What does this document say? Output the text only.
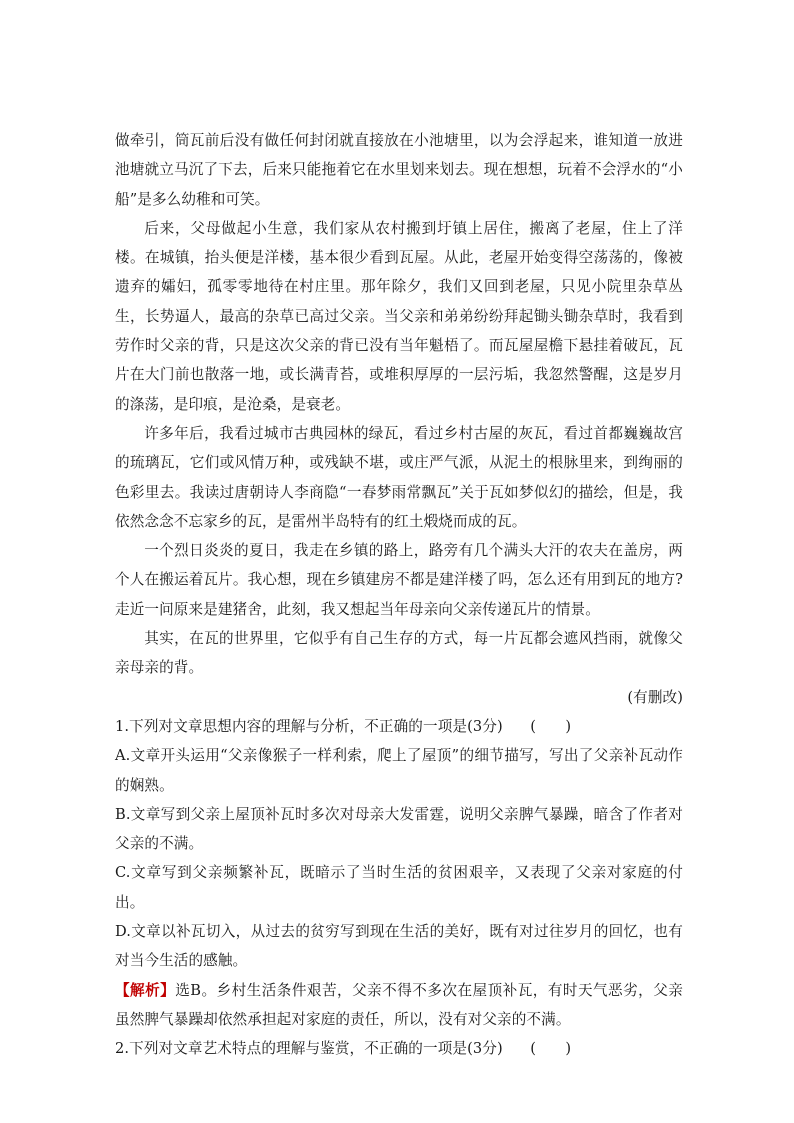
做牵引，筒瓦前后没有做任何封闭就直接放在小池塘里，以为会浮起来，谁知道一放进池塘就立马沉了下去，后来只能拖着它在水里划来划去。现在想想，玩着不会浮水的“小船”是多么幼稚和可笑。

后来，父母做起小生意，我们家从农村搬到圩镇上居住，搬离了老屋，住上了洋楼。在城镇，抬头便是洋楼，基本很少看到瓦屋。从此，老屋开始变得空荡荡的，像被遗弃的孀妇，孤零零地待在村庄里。那年除夕，我们又回到老屋，只见小院里杂草丛生，长势逼人，最高的杂草已高过父亲。当父亲和弟弟纷纷拜起锄头锄杂草时，我看到劳作时父亲的背，只是这次父亲的背已没有当年魁梧了。而瓦屋屋檐下悬挂着破瓦，瓦片在大门前也散落一地，或长满青苔，或堆积厚厚的一层污垢，我忽然警醒，这是岁月的涤荡，是印痕，是沧桑，是衰老。

许多年后，我看过城市古典园林的绿瓦，看过乡村古屋的灰瓦，看过首都巍巍故宫的琉璃瓦，它们或风情万种，或残缺不堪，或庄严气派，从泥土的根脉里来，到绚丽的色彩里去。我读过唐朝诗人李商隐“一春梦雨常飘瓦”关于瓦如梦似幻的描绘，但是，我依然念念不忘家乡的瓦，是雷州半岛特有的红土煅烧而成的瓦。

一个烈日炎炎的夏日，我走在乡镇的路上，路旁有几个满头大汗的农夫在盖房，两个人在搬运着瓦片。我心想，现在乡镇建房不都是建洋楼了吗，怎么还有用到瓦的地方?走近一问原来是建猪舍，此刻，我又想起当年母亲向父亲传递瓦片的情景。

其实，在瓦的世界里，它似乎有自己生存的方式，每一片瓦都会遮风挡雨，就像父亲母亲的背。

(有删改)

1.下列对文章思想内容的理解与分析，不正确的一项是(3分) (　　)

A.文章开头运用“父亲像猴子一样利索，爬上了屋顶”的细节描写，写出了父亲补瓦动作的娴熟。

B.文章写到父亲上屋顶补瓦时多次对母亲大发雷霆，说明父亲脾气暴躁，暗含了作者对父亲的不满。

C.文章写到父亲频繁补瓦，既暗示了当时生活的贫困艰辛，又表现了父亲对家庭的付出。

D.文章以补瓦切入，从过去的贫穷写到现在生活的美好，既有对过往岁月的回忆，也有对当今生活的感触。

【解析】选B。乡村生活条件艰苦，父亲不得不多次在屋顶补瓦，有时天气恶劣，父亲虽然脾气暴躁却依然承担起对家庭的责任，所以，没有对父亲的不满。

2.下列对文章艺术特点的理解与鉴赏，不正确的一项是(3分) (　　)
